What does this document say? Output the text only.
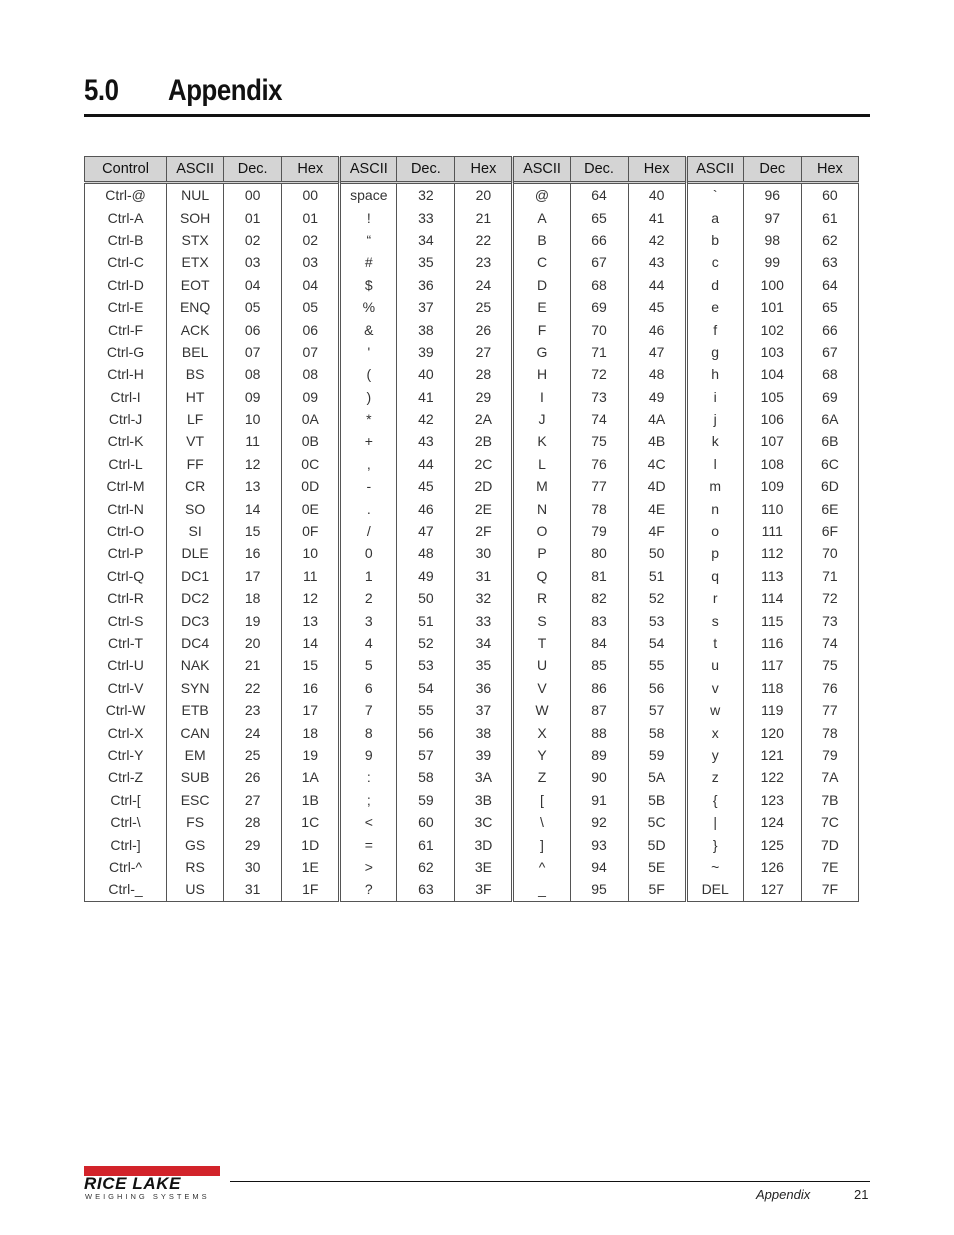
5.0 Appendix
Control	ASCII	Dec.	Hex	ASCII	Dec.	Hex	ASCII	Dec.	Hex	ASCII	Dec	Hex
Ctrl-@	NUL	00	00	space	32	20	@	64	40	`	96	60
Ctrl-A	SOH	01	01	!	33	21	A	65	41	a	97	61
Ctrl-B	STX	02	02	“	34	22	B	66	42	b	98	62
Ctrl-C	ETX	03	03	#	35	23	C	67	43	c	99	63
Ctrl-D	EOT	04	04	$	36	24	D	68	44	d	100	64
Ctrl-E	ENQ	05	05	%	37	25	E	69	45	e	101	65
Ctrl-F	ACK	06	06	&	38	26	F	70	46	f	102	66
Ctrl-G	BEL	07	07	'	39	27	G	71	47	g	103	67
Ctrl-H	BS	08	08	(	40	28	H	72	48	h	104	68
Ctrl-I	HT	09	09	)	41	29	I	73	49	i	105	69
Ctrl-J	LF	10	0A	*	42	2A	J	74	4A	j	106	6A
Ctrl-K	VT	11	0B	+	43	2B	K	75	4B	k	107	6B
Ctrl-L	FF	12	0C	,	44	2C	L	76	4C	l	108	6C
Ctrl-M	CR	13	0D	-	45	2D	M	77	4D	m	109	6D
Ctrl-N	SO	14	0E	.	46	2E	N	78	4E	n	110	6E
Ctrl-O	SI	15	0F	/	47	2F	O	79	4F	o	111	6F
Ctrl-P	DLE	16	10	0	48	30	P	80	50	p	112	70
Ctrl-Q	DC1	17	11	1	49	31	Q	81	51	q	113	71
Ctrl-R	DC2	18	12	2	50	32	R	82	52	r	114	72
Ctrl-S	DC3	19	13	3	51	33	S	83	53	s	115	73
Ctrl-T	DC4	20	14	4	52	34	T	84	54	t	116	74
Ctrl-U	NAK	21	15	5	53	35	U	85	55	u	117	75
Ctrl-V	SYN	22	16	6	54	36	V	86	56	v	118	76
Ctrl-W	ETB	23	17	7	55	37	W	87	57	w	119	77
Ctrl-X	CAN	24	18	8	56	38	X	88	58	x	120	78
Ctrl-Y	EM	25	19	9	57	39	Y	89	59	y	121	79
Ctrl-Z	SUB	26	1A	:	58	3A	Z	90	5A	z	122	7A
Ctrl-[	ESC	27	1B	;	59	3B	[	91	5B	{	123	7B
Ctrl-\	FS	28	1C	<	60	3C	\	92	5C	|	124	7C
Ctrl-]	GS	29	1D	=	61	3D	]	93	5D	}	125	7D
Ctrl-^	RS	30	1E	>	62	3E	^	94	5E	~	126	7E
Ctrl-_	US	31	1F	?	63	3F	_	95	5F	DEL	127	7F
RICE LAKE
WEIGHING SYSTEMS	Appendix	21
